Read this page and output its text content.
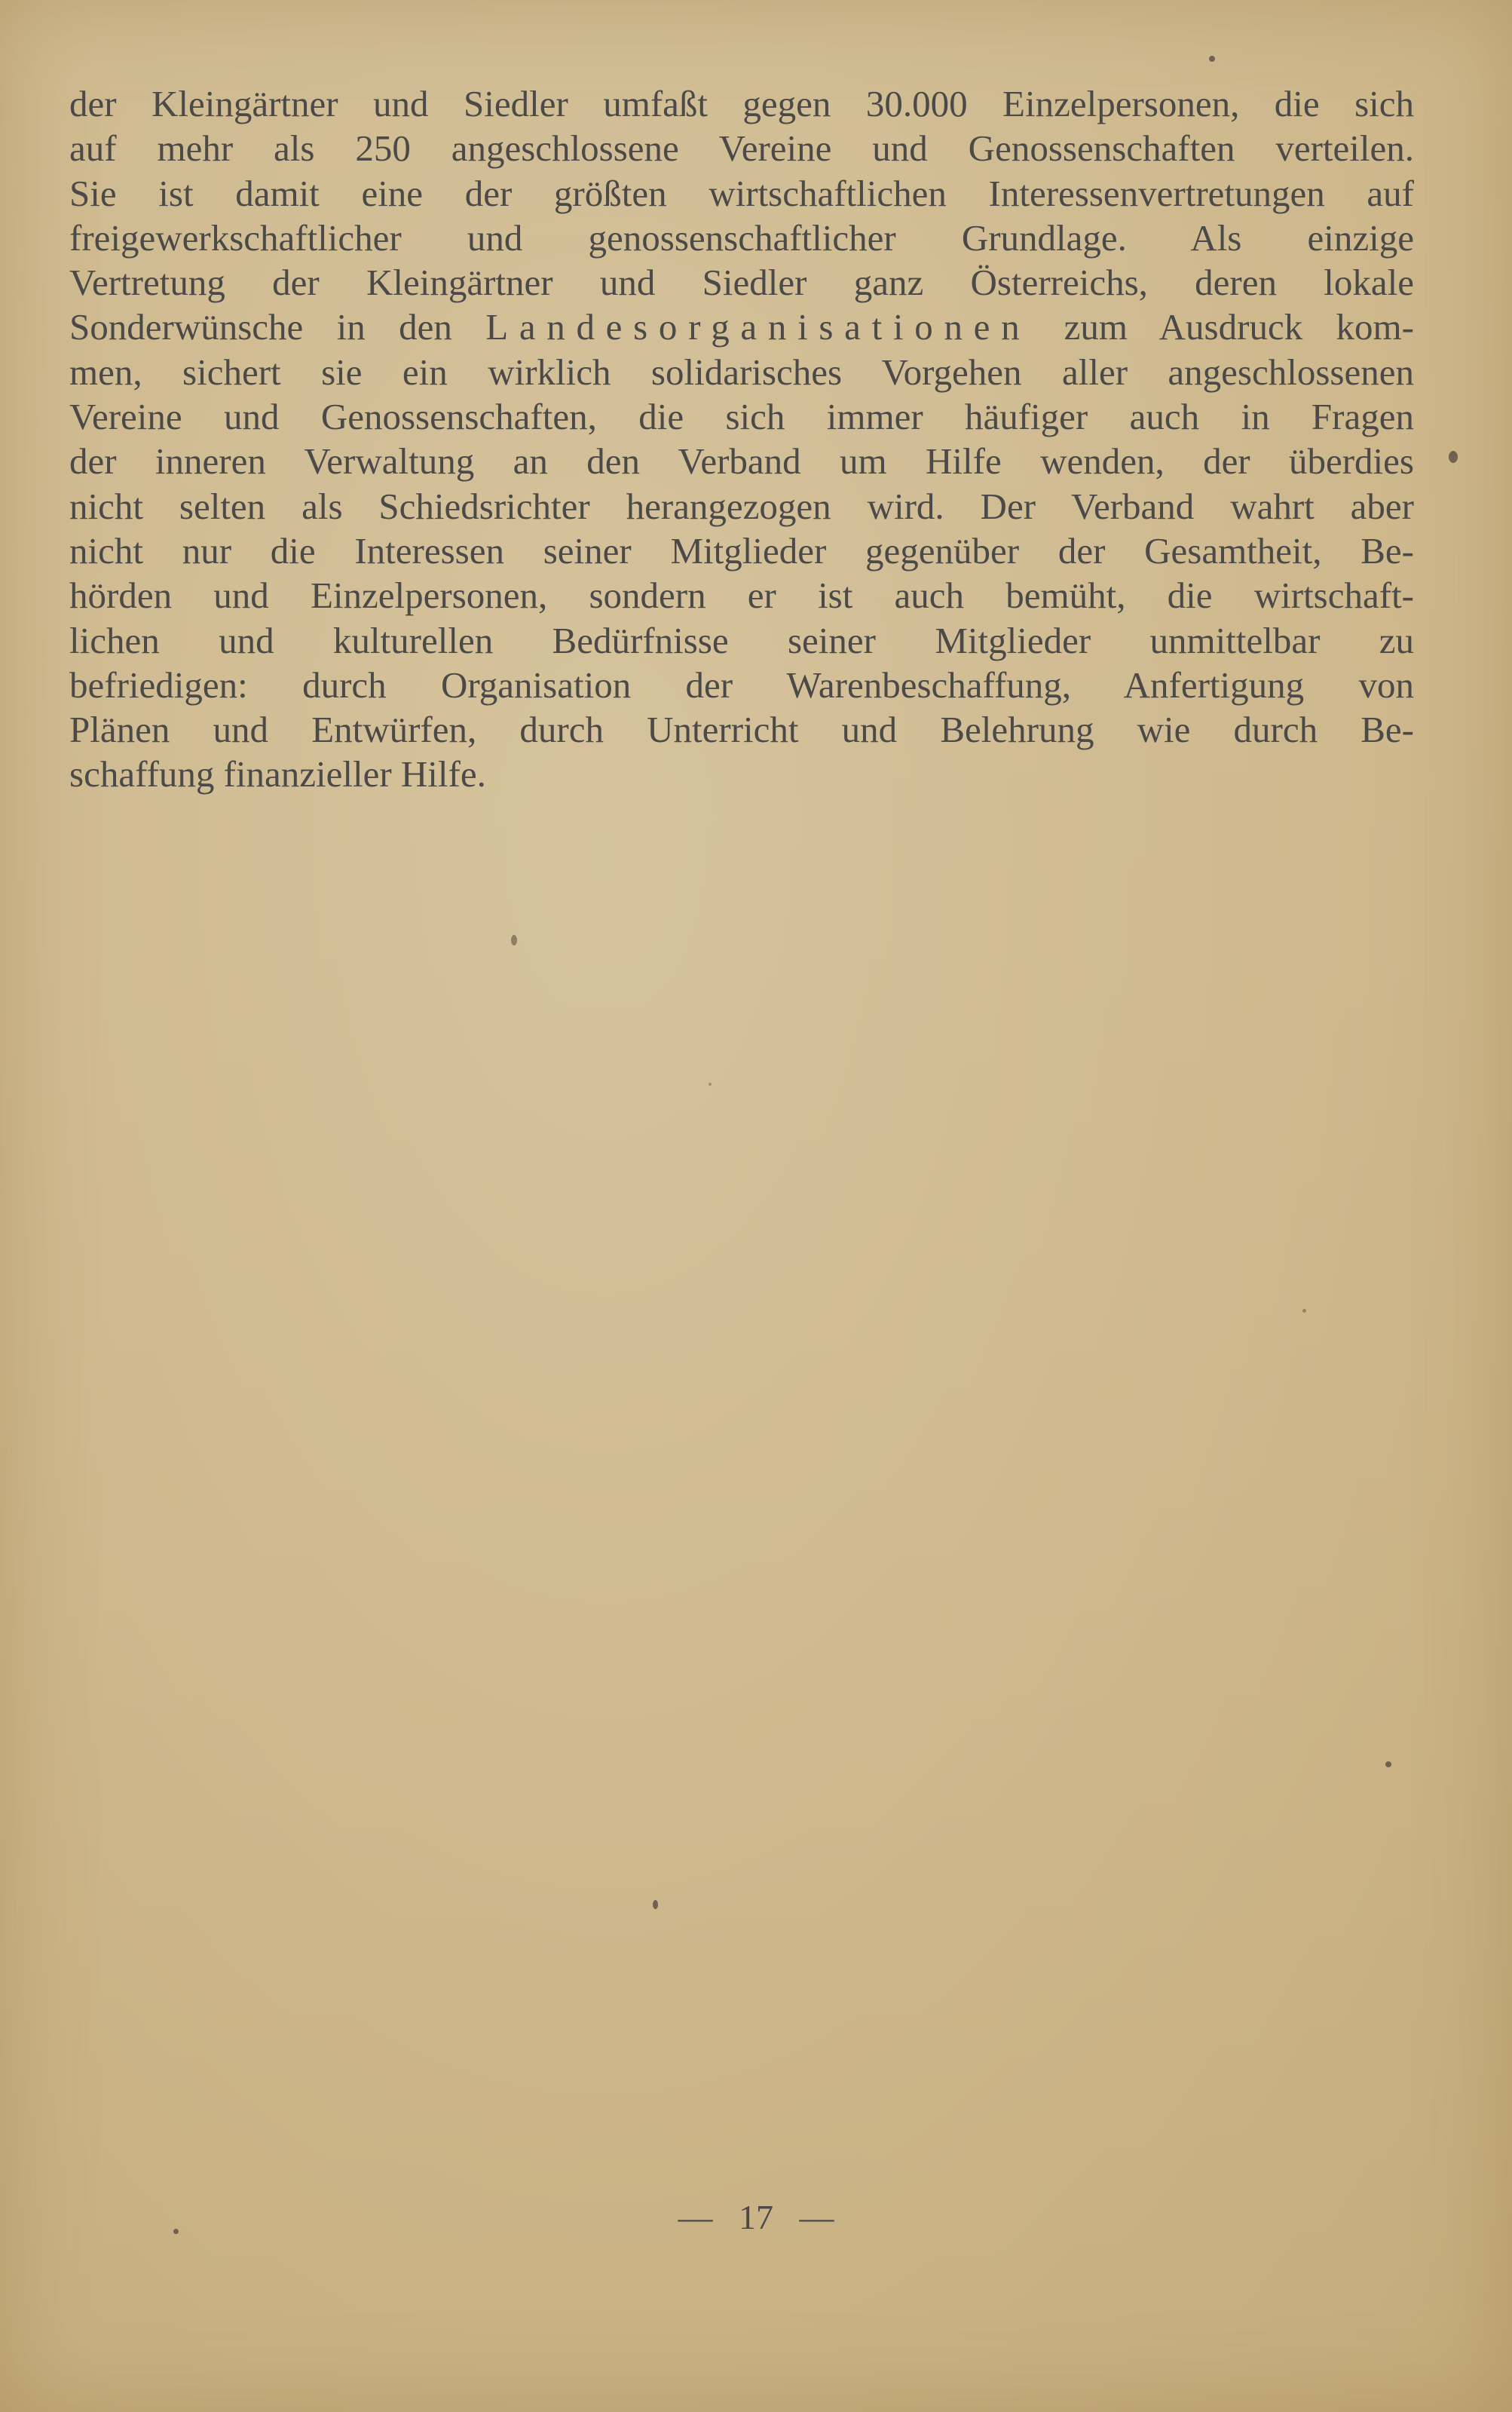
der Kleingärtner und Siedler umfaßt gegen 30.000 Einzelpersonen, die sich
auf mehr als 250 angeschlossene Vereine und Genossenschaften verteilen.
Sie ist damit eine der größten wirtschaftlichen Interessenvertretungen auf
freigewerkschaftlicher und genossenschaftlicher Grundlage. Als einzige
Vertretung der Kleingärtner und Siedler ganz Österreichs, deren lokale
Sonderwünsche in den Landesorganisationen zum Ausdruck kom-
men, sichert sie ein wirklich solidarisches Vorgehen aller angeschlossenen
Vereine und Genossenschaften, die sich immer häufiger auch in Fragen
der inneren Verwaltung an den Verband um Hilfe wenden, der überdies
nicht selten als Schiedsrichter herangezogen wird. Der Verband wahrt aber
nicht nur die Interessen seiner Mitglieder gegenüber der Gesamtheit, Be-
hörden und Einzelpersonen, sondern er ist auch bemüht, die wirtschaft-
lichen und kulturellen Bedürfnisse seiner Mitglieder unmittelbar zu
befriedigen: durch Organisation der Warenbeschaffung, Anfertigung von
Plänen und Entwürfen, durch Unterricht und Belehrung wie durch Be-
schaffung finanzieller Hilfe.

— 17 —
